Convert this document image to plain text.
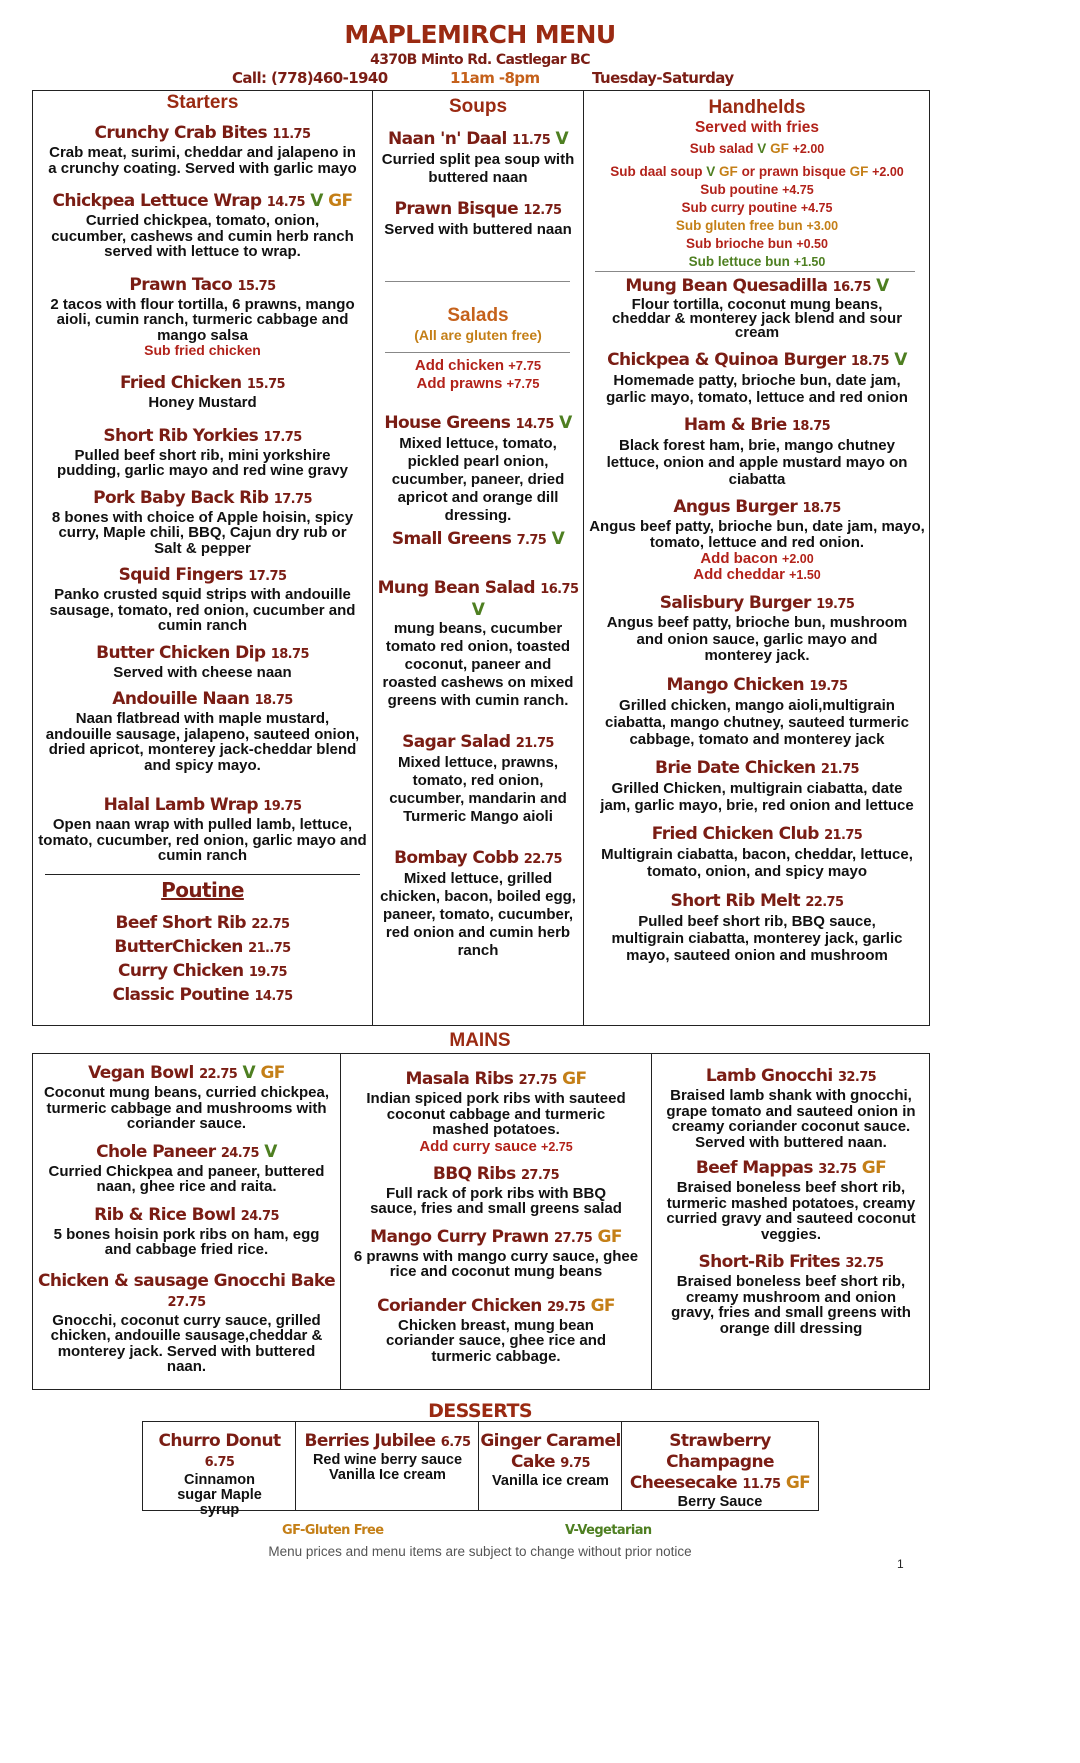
MAPLEMIRCH MENU
4370B Minto Rd. Castlegar BC
Call: (778)460-1940	11am -8pm	Tuesday-Saturday
Starters
Crunchy Crab Bites 11.75
Crab meat, surimi, cheddar and jalapeno in a crunchy coating. Served with garlic mayo
Chickpea Lettuce Wrap 14.75 V GF
Curried chickpea, tomato, onion, cucumber, cashews and cumin herb ranch served with lettuce to wrap.
Prawn Taco 15.75
2 tacos with flour tortilla, 6 prawns, mango aioli, cumin ranch, turmeric cabbage and mango salsa
Sub fried chicken
Fried Chicken 15.75
Honey Mustard
Short Rib Yorkies 17.75
Pulled beef short rib, mini yorkshire pudding, garlic mayo and red wine gravy
Pork Baby Back Rib 17.75
8 bones with choice of Apple hoisin, spicy curry, Maple chili, BBQ, Cajun dry rub or Salt & pepper
Squid Fingers 17.75
Panko crusted squid strips with andouille sausage, tomato, red onion, cucumber and cumin ranch
Butter Chicken Dip 18.75
Served with cheese naan
Andouille Naan 18.75
Naan flatbread with maple mustard, andouille sausage, jalapeno, sauteed onion, dried apricot, monterey jack-cheddar blend and spicy mayo.
Halal Lamb Wrap 19.75
Open naan wrap with pulled lamb, lettuce, tomato, cucumber, red onion, garlic mayo and cumin ranch
Poutine
Beef Short Rib 22.75
ButterChicken 21..75
Curry Chicken 19.75
Classic Poutine 14.75
Soups
Naan 'n' Daal 11.75 V
Curried split pea soup with buttered naan
Prawn Bisque 12.75
Served with buttered naan
Salads
(All are gluten free)
Add chicken +7.75
Add prawns +7.75
House Greens 14.75 V
Mixed lettuce, tomato, pickled pearl onion, cucumber, paneer, dried apricot and orange dill dressing.
Small Greens 7.75 V
Mung Bean Salad 16.75 V
mung beans, cucumber tomato red onion, toasted coconut, paneer and roasted cashews on mixed greens with cumin ranch.
Sagar Salad 21.75
Mixed lettuce, prawns, tomato, red onion, cucumber, mandarin and Turmeric Mango aioli
Bombay Cobb 22.75
Mixed lettuce, grilled chicken, bacon, boiled egg, paneer, tomato, cucumber, red onion and cumin herb ranch
Handhelds
Served with fries
Sub salad V GF +2.00
Sub daal soup V GF or prawn bisque GF +2.00
Sub poutine +4.75
Sub curry poutine +4.75
Sub gluten free bun +3.00
Sub brioche bun +0.50
Sub lettuce bun +1.50
Mung Bean Quesadilla 16.75 V
Flour tortilla, coconut mung beans, cheddar & monterey jack blend and sour cream
Chickpea & Quinoa Burger 18.75 V
Homemade patty, brioche bun, date jam, garlic mayo, tomato, lettuce and red onion
Ham & Brie 18.75
Black forest ham, brie, mango chutney lettuce, onion and apple mustard mayo on ciabatta
Angus Burger 18.75
Angus beef patty, brioche bun, date jam, mayo, tomato, lettuce and red onion.
Add bacon +2.00
Add cheddar +1.50
Salisbury Burger 19.75
Angus beef patty, brioche bun, mushroom and onion sauce, garlic mayo and monterey jack.
Mango Chicken 19.75
Grilled chicken, mango aioli,multigrain ciabatta, mango chutney, sauteed turmeric cabbage, tomato and monterey jack
Brie Date Chicken 21.75
Grilled Chicken, multigrain ciabatta, date jam, garlic mayo, brie, red onion and lettuce
Fried Chicken Club 21.75
Multigrain ciabatta, bacon, cheddar, lettuce, tomato, onion, and spicy mayo
Short Rib Melt 22.75
Pulled beef short rib, BBQ sauce, multigrain ciabatta, monterey jack, garlic mayo, sauteed onion and mushroom
MAINS
Vegan Bowl 22.75 V GF
Coconut mung beans, curried chickpea, turmeric cabbage and mushrooms with coriander sauce.
Chole Paneer 24.75 V
Curried Chickpea and paneer, buttered naan, ghee rice and raita.
Rib & Rice Bowl 24.75
5 bones hoisin pork ribs on ham, egg and cabbage fried rice.
Chicken & sausage Gnocchi Bake 27.75
Gnocchi, coconut curry sauce, grilled chicken, andouille sausage,cheddar & monterey jack. Served with buttered naan.
Masala Ribs 27.75 GF
Indian spiced pork ribs with sauteed coconut cabbage and turmeric mashed potatoes.
Add curry sauce +2.75
BBQ Ribs 27.75
Full rack of pork ribs with BBQ sauce, fries and small greens salad
Mango Curry Prawn 27.75 GF
6 prawns with mango curry sauce, ghee rice and coconut mung beans
Coriander Chicken 29.75 GF
Chicken breast, mung bean coriander sauce, ghee rice and turmeric cabbage.
Lamb Gnocchi 32.75
Braised lamb shank with gnocchi, grape tomato and sauteed onion in creamy coriander coconut sauce. Served with buttered naan.
Beef Mappas 32.75 GF
Braised boneless beef short rib, turmeric mashed potatoes, creamy curried gravy and sauteed coconut veggies.
Short-Rib Frites 32.75
Braised boneless beef short rib, creamy mushroom and onion gravy, fries and small greens with orange dill dressing
DESSERTS
Churro Donut 6.75
Cinnamon sugar Maple syrup
Berries Jubilee 6.75
Red wine berry sauce Vanilla Ice cream
Ginger Caramel Cake 9.75
Vanilla ice cream
Strawberry Champagne Cheesecake 11.75 GF
Berry Sauce
GF-Gluten Free	V-Vegetarian
Menu prices and menu items are subject to change without prior notice
1
